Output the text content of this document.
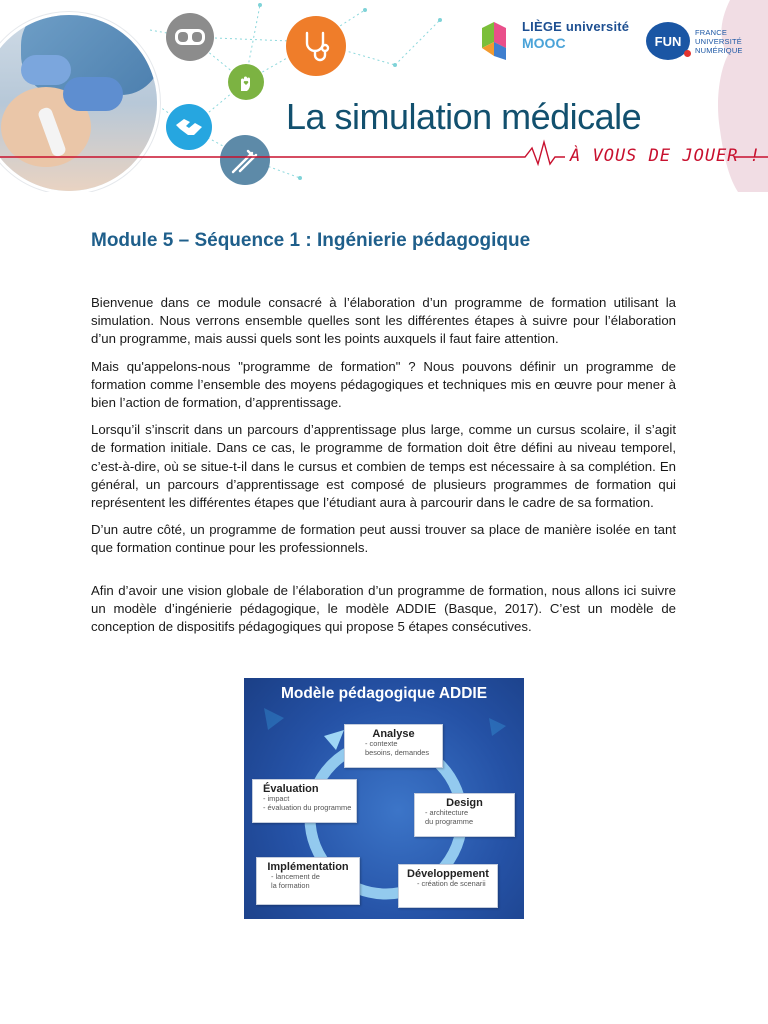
LIÈGE université
MOOC	FUN
FRANCE
UNIVERSITÉ
NUMÉRIQUE
La simulation médicale
À VOUS DE JOUER !
Module 5 – Séquence 1 : Ingénierie pédagogique

Bienvenue dans ce module consacré à l’élaboration d’un programme de formation utilisant la simulation. Nous verrons ensemble quelles sont les différentes étapes à suivre pour l’élaboration d’un programme, mais aussi quels sont les points auxquels il faut faire attention.

Mais qu'appelons-nous "programme de formation" ? Nous pouvons définir un programme de formation comme l’ensemble des moyens pédagogiques et techniques mis en œuvre pour mener à bien l’action de formation, d’apprentissage.

Lorsqu’il s’inscrit dans un parcours d’apprentissage plus large, comme un cursus scolaire, il s’agit de formation initiale. Dans ce cas, le programme de formation doit être défini au niveau temporel, c’est-à-dire, où se situe-t-il dans le cursus et combien de temps est nécessaire à sa complétion. En général, un parcours d’apprentissage est composé de plusieurs programmes de formation qui représentent les différentes étapes que l’étudiant aura à parcourir dans le cadre de sa formation.

D’un autre côté, un programme de formation peut aussi trouver sa place de manière isolée en tant que formation continue pour les professionnels.

Afin d’avoir une vision globale de l’élaboration d’un programme de formation, nous allons ici suivre un modèle d’ingénierie pédagogique, le modèle ADDIE (Basque, 2017). C’est un modèle de conception de dispositifs pédagogiques qui propose 5 étapes consécutives.

Modèle pédagogique ADDIE
Analyse
- contexte
besoins, demandes
Design
- architecture
du programme
Évaluation
- impact
- évaluation du programme
Implémentation
- lancement de
la formation
Développement
- création de scenarii
